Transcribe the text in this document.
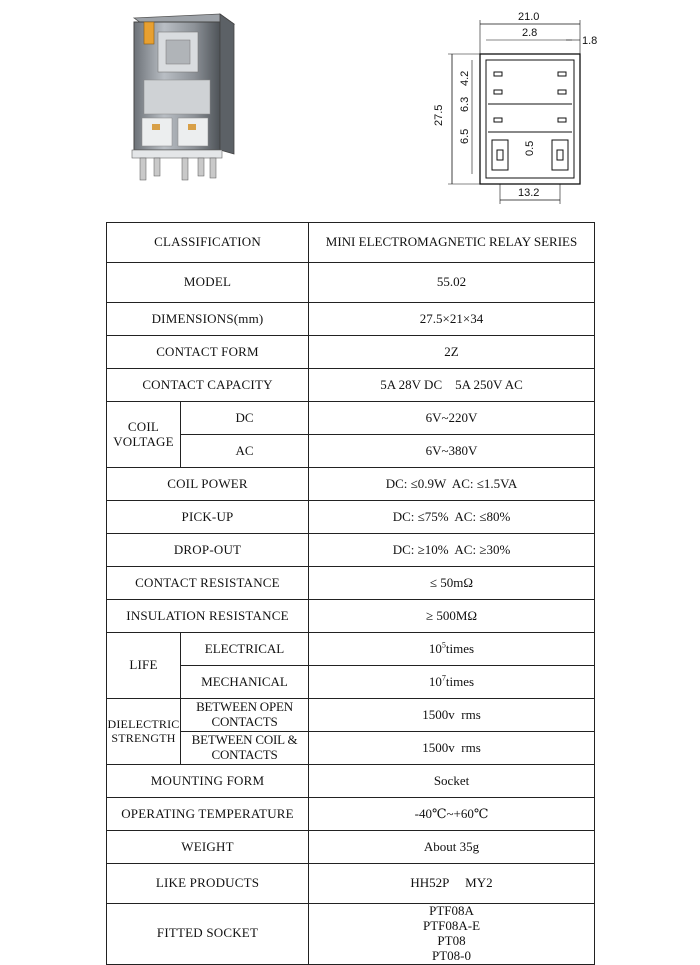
21.0
2.8
1.8
27.5
4.2
6.3
6.5
0.5
13.2
CLASSIFICATION		MINI ELECTROMAGNETIC RELAY SERIES
MODEL		55.02
DIMENSIONS(mm)		27.5×21×34
CONTACT FORM		2Z
CONTACT CAPACITY		5A 28V DC    5A 250V AC

COIL
VOLTAGE	DC	6V~220V
	AC	6V~380V
COIL POWER		DC: ≤0.9W  AC: ≤1.5VA
PICK-UP		DC: ≤75%  AC: ≤80%
DROP-OUT		DC: ≥10%  AC: ≥30%
CONTACT RESISTANCE		≤ 50mΩ
INSULATION RESISTANCE		≥ 500MΩ
LIFE	ELECTRICAL	$10^5times$
	MECHANICAL	$10^7times$

DIELECTRIC
STRENGTH	BETWEEN OPEN CONTACTS	1500v  rms
	BETWEEN COIL & CONTACTS	1500v  rms
MOUNTING FORM		Socket
OPERATING TEMPERATURE		-40℃~+60℃
WEIGHT		About 35g
LIKE PRODUCTS		HH52P     MY2
FITTED SOCKET		PTF08A
PTF08A-E
PT08
PT08-0
